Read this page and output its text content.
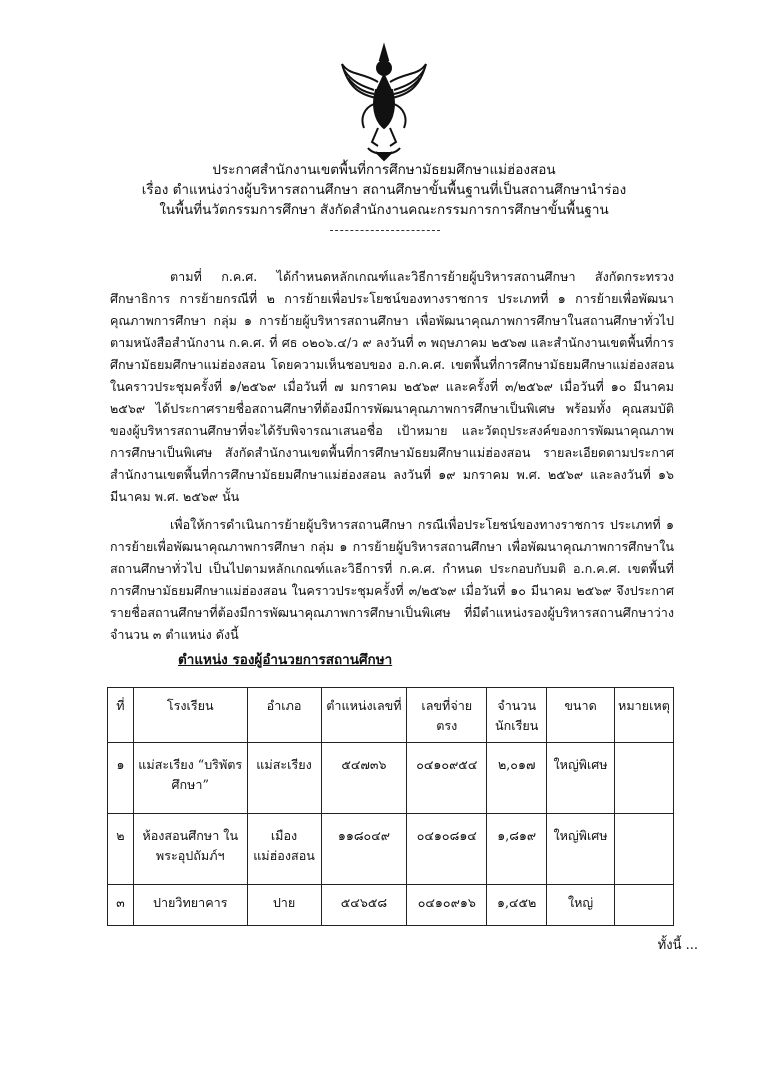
ประกาศสำนักงานเขตพื้นที่การศึกษามัธยมศึกษาแม่ฮ่องสอน
เรื่อง ตำแหน่งว่างผู้บริหารสถานศึกษา สถานศึกษาขั้นพื้นฐานที่เป็นสถานศึกษานำร่อง
ในพื้นที่นวัตกรรมการศึกษา สังกัดสำนักงานคณะกรรมการการศึกษาขั้นพื้นฐาน
ตามที่ ก.ค.ศ. ได้กำหนดหลักเกณฑ์และวิธีการย้ายผู้บริหารสถานศึกษา สังกัดกระทรวงศึกษาธิการ การย้ายกรณีที่ ๒ การย้ายเพื่อประโยชน์ของทางราชการ ประเภทที่ ๑ การย้ายเพื่อพัฒนาคุณภาพการศึกษา กลุ่ม ๑ การย้ายผู้บริหารสถานศึกษา เพื่อพัฒนาคุณภาพการศึกษาในสถานศึกษาทั่วไป ตามหนังสือสำนักงาน ก.ค.ศ. ที่ ศธ ๐๒๐๖.๔/ว ๙ ลงวันที่ ๓ พฤษภาคม ๒๕๖๗ และสำนักงานเขตพื้นที่การศึกษามัธยมศึกษาแม่ฮ่องสอน โดยความเห็นชอบของ อ.ก.ค.ศ. เขตพื้นที่การศึกษามัธยมศึกษาแม่ฮ่องสอน ในคราวประชุมครั้งที่ ๑/๒๕๖๙ เมื่อวันที่ ๗ มกราคม ๒๕๖๙ และครั้งที่ ๓/๒๕๖๙ เมื่อวันที่ ๑๐ มีนาคม ๒๕๖๙ ได้ประกาศรายชื่อสถานศึกษาที่ต้องมีการพัฒนาคุณภาพการศึกษาเป็นพิเศษ พร้อมทั้ง คุณสมบัติของผู้บริหารสถานศึกษาที่จะได้รับพิจารณาเสนอชื่อ เป้าหมาย และวัตถุประสงค์ของการพัฒนาคุณภาพการศึกษาเป็นพิเศษ สังกัดสำนักงานเขตพื้นที่การศึกษามัธยมศึกษาแม่ฮ่องสอน รายละเอียดตามประกาศสำนักงานเขตพื้นที่การศึกษามัธยมศึกษาแม่ฮ่องสอน ลงวันที่ ๑๙ มกราคม พ.ศ. ๒๕๖๙ และลงวันที่ ๑๖ มีนาคม พ.ศ. ๒๕๖๙ นั้น
เพื่อให้การดำเนินการย้ายผู้บริหารสถานศึกษา กรณีเพื่อประโยชน์ของทางราชการ ประเภทที่ ๑ การย้ายเพื่อพัฒนาคุณภาพการศึกษา กลุ่ม ๑ การย้ายผู้บริหารสถานศึกษา เพื่อพัฒนาคุณภาพการศึกษาในสถานศึกษาทั่วไป เป็นไปตามหลักเกณฑ์และวิธีการที่ ก.ค.ศ. กำหนด ประกอบกับมติ อ.ก.ค.ศ. เขตพื้นที่การศึกษามัธยมศึกษาแม่ฮ่องสอน ในคราวประชุมครั้งที่ ๓/๒๕๖๙ เมื่อวันที่ ๑๐ มีนาคม ๒๕๖๙ จึงประกาศรายชื่อสถานศึกษาที่ต้องมีการพัฒนาคุณภาพการศึกษาเป็นพิเศษ ที่มีตำแหน่งรองผู้บริหารสถานศึกษาว่าง จำนวน ๓ ตำแหน่ง ดังนี้
ตำแหน่ง รองผู้อำนวยการสถานศึกษา
ที่	โรงเรียน	อำเภอ	ตำแหน่งเลขที่	เลขที่จ่าย ตรง	จำนวน นักเรียน	ขนาด	หมายเหตุ
๑	แม่สะเรียง “บริพัตรศึกษา”	แม่สะเรียง	๕๔๗๓๖	๐๔๑๐๙๕๔	๒,๐๑๗	ใหญ่พิเศษ	
๒	ห้องสอนศึกษา ในพระอุปถัมภ์ฯ	เมือง แม่ฮ่องสอน	๑๑๘๐๔๙	๐๔๑๐๘๑๔	๑,๘๑๙	ใหญ่พิเศษ	
๓	ปายวิทยาคาร	ปาย	๕๔๖๕๘	๐๔๑๐๙๑๖	๑,๔๕๒	ใหญ่	
ทั้งนี้ ...
